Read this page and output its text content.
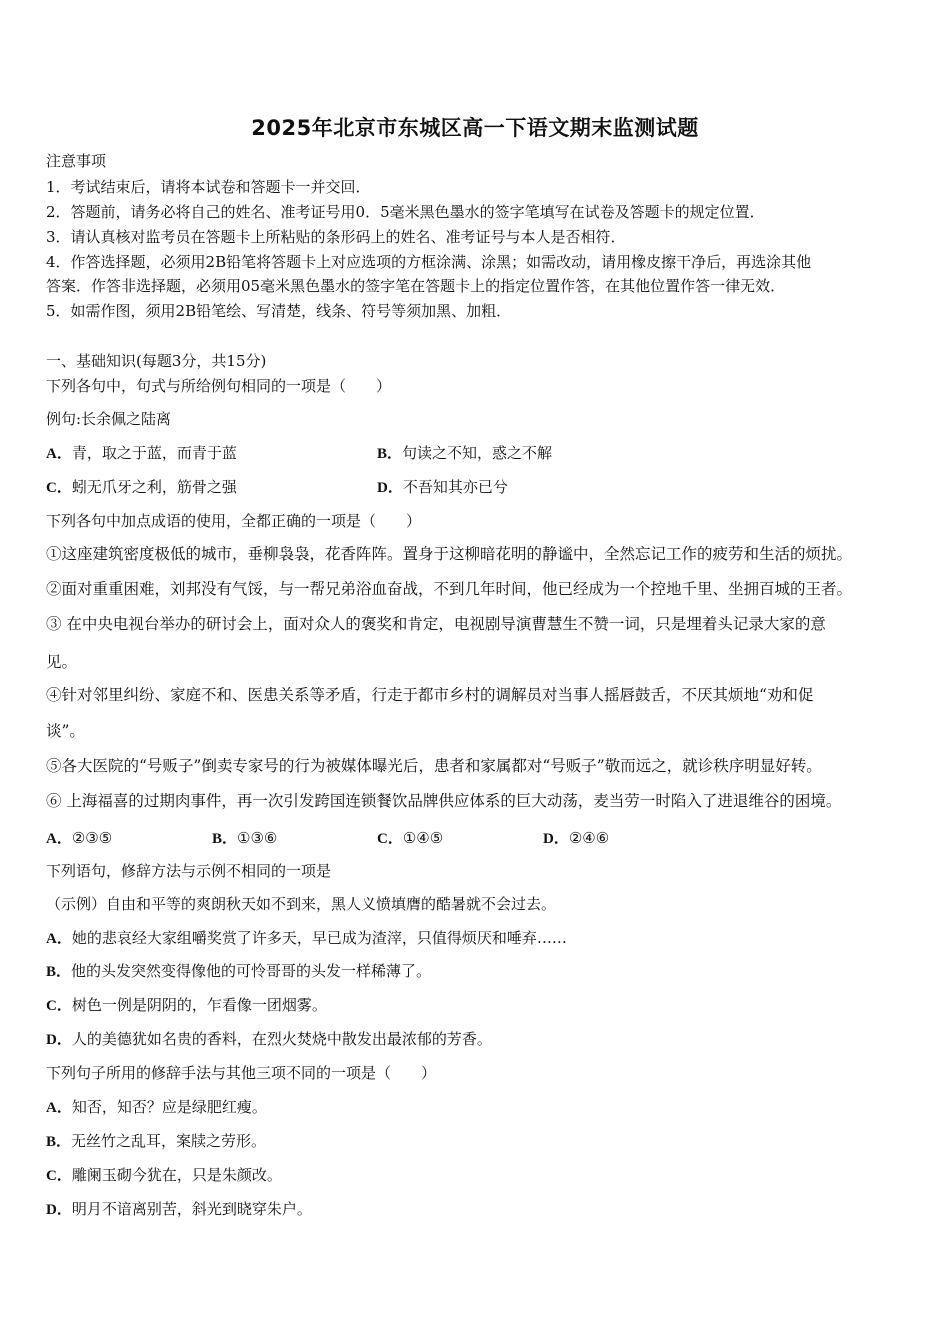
2025年北京市东城区高一下语文期末监测试题
注意事项
1．考试结束后，请将本试卷和答题卡一并交回．
2．答题前，请务必将自己的姓名、准考证号用0．5毫米黑色墨水的签字笔填写在试卷及答题卡的规定位置．
3．请认真核对监考员在答题卡上所粘贴的条形码上的姓名、准考证号与本人是否相符．
4．作答选择题，必须用2B铅笔将答题卡上对应选项的方框涂满、涂黑；如需改动，请用橡皮擦干净后，再选涂其他
答案．作答非选择题，必须用05毫米黑色墨水的签字笔在答题卡上的指定位置作答，在其他位置作答一律无效．
5．如需作图，须用2B铅笔绘、写清楚，线条、符号等须加黑、加粗．
一、基础知识(每题3分，共15分)
下列各句中，句式与所给例句相同的一项是（　　）
例句:长余佩之陆离
A．青，取之于蓝，而青于蓝	B．句读之不知，惑之不解
C．蚓无爪牙之利，筋骨之强	D．不吾知其亦已兮
下列各句中加点成语的使用，全都正确的一项是（　　）
①这座建筑密度极低的城市，垂柳袅袅，花香阵阵。置身于这柳暗花明的静谧中，全然忘记工作的疲劳和生活的烦扰。
②面对重重困难，刘邦没有气馁，与一帮兄弟浴血奋战，不到几年时间，他已经成为一个控地千里、坐拥百城的王者。
③ 在中央电视台举办的研讨会上，面对众人的褒奖和肯定，电视剧导演曹慧生不赞一词，只是埋着头记录大家的意
见。
④针对邻里纠纷、家庭不和、医患关系等矛盾，行走于都市乡村的调解员对当事人摇唇鼓舌，不厌其烦地“劝和促
谈”。
⑤各大医院的“号贩子”倒卖专家号的行为被媒体曝光后，患者和家属都对“号贩子”敬而远之，就诊秩序明显好转。
⑥ 上海福喜的过期肉事件，再一次引发跨国连锁餐饮品牌供应体系的巨大动荡，麦当劳一时陷入了进退维谷的困境。
A．②③⑤	B．①③⑥	C．①④⑤	D．②④⑥
下列语句，修辞方法与示例不相同的一项是
（示例）自由和平等的爽朗秋天如不到来，黑人义愤填膺的酷暑就不会过去。
A．她的悲哀经大家组嚼奖赏了许多天，早已成为渣滓，只值得烦厌和唾弃……
B．他的头发突然变得像他的可怜哥哥的头发一样稀薄了。
C．树色一例是阴阴的，乍看像一团烟雾。
D．人的美德犹如名贵的香料，在烈火焚烧中散发出最浓郁的芳香。
下列句子所用的修辞手法与其他三项不同的一项是（　　）
A．知否，知否？应是绿肥红瘦。
B．无丝竹之乱耳，案牍之劳形。
C．雕阑玉砌今犹在，只是朱颜改。
D．明月不谙离别苦，斜光到晓穿朱户。
